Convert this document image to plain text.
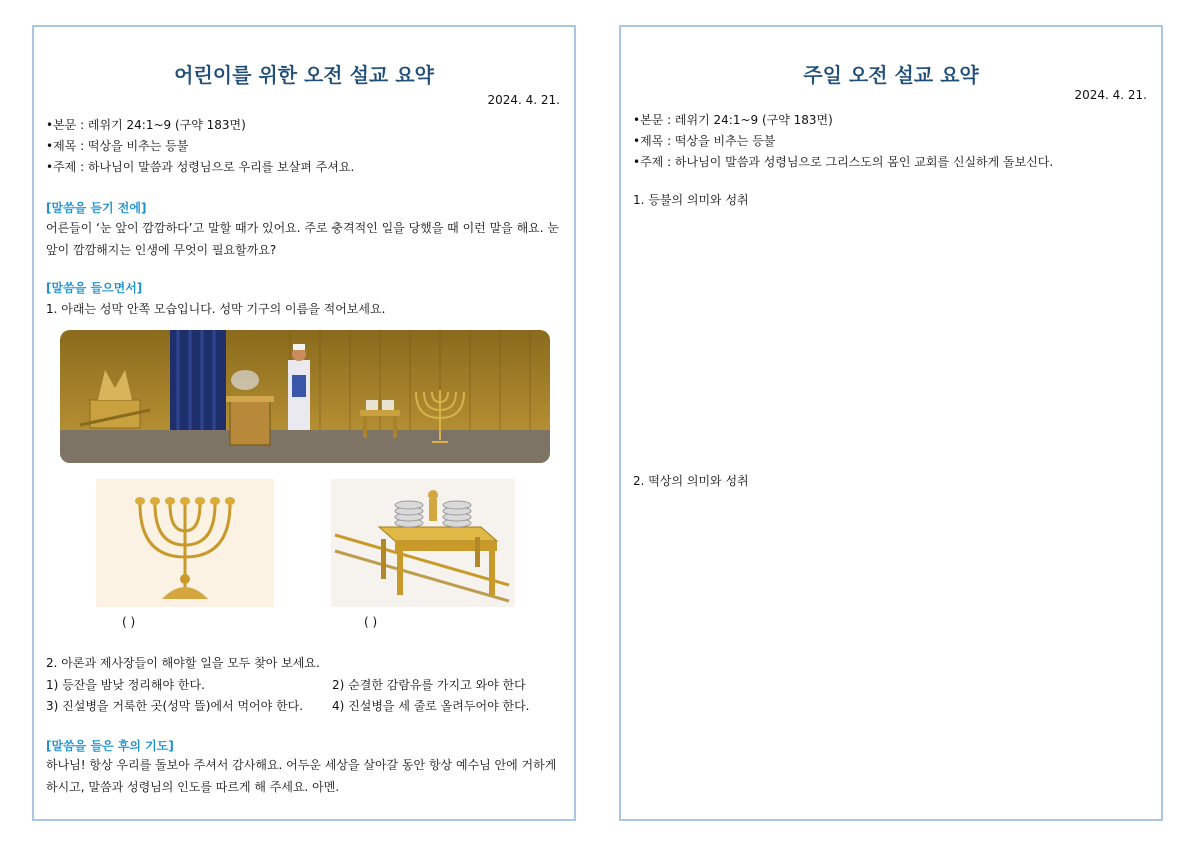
어린이를 위한 오전 설교 요약
2024. 4. 21.
•본문 : 레위기 24:1~9 (구약 183면)
•제목 : 떡상을 비추는 등불
•주제 : 하나님이 말씀과 성령님으로 우리를 보살펴 주셔요.
[말씀을 듣기 전에]
어른들이 ‘눈 앞이 깜깜하다’고 말할 때가 있어요. 주로 충격적인 일을 당했을 때 이런 말을 해요. 눈 앞이 깜깜해지는 인생에 무엇이 필요할까요?
[말씀을 들으면서]
1. 아래는 성막 안쪽 모습입니다. 성막 기구의 이름을 적어보세요.
( )	( )
2. 아론과 제사장들이 해야할 일을 모두 찾아 보세요.
1) 등잔을 밤낮 정리해야 한다.	2) 순결한 감람유를 가지고 와야 한다
3) 진설병을 거룩한 곳(성막 뜰)에서 먹어야 한다. 4) 진설병을 세 줄로 올려두어야 한다.
[말씀을 들은 후의 기도]
하나님! 항상 우리를 돌보아 주셔서 감사해요. 어두운 세상을 살아갈 동안 항상 예수님 안에 거하게 하시고, 말씀과 성령님의 인도를 따르게 해 주세요. 아멘.
주일 오전 설교 요약
2024. 4. 21.
•본문 : 레위기 24:1~9 (구약 183면)
•제목 : 떡상을 비추는 등불
•주제 : 하나님이 말씀과 성령님으로 그리스도의 몸인 교회를 신실하게 돌보신다.
1. 등불의 의미와 성취
2. 떡상의 의미와 성취
